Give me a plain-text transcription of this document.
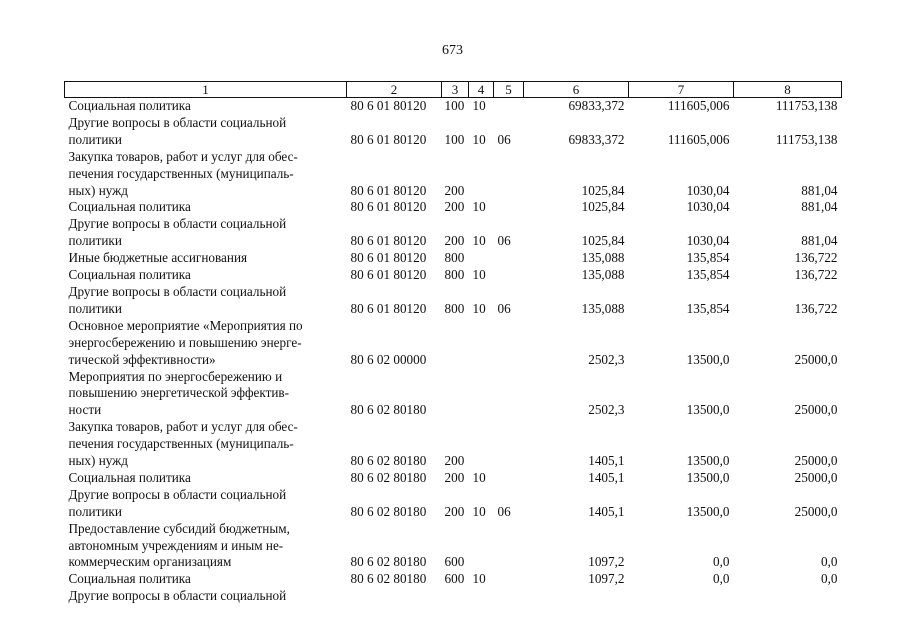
673
1	2	3	4	5	6	7	8

Социальная политика	80 6 01 80120	100	10		69833,372	111605,006	111753,138

Другие вопросы в области социальной
политики	80 6 01 80120	100	10	06	69833,372	111605,006	111753,138

Закупка товаров, работ и услуг для обес-
печения государственных (муниципаль-
ных) нужд	80 6 01 80120	200			1025,84	1030,04	881,04

Социальная политика	80 6 01 80120	200	10		1025,84	1030,04	881,04

Другие вопросы в области социальной
политики	80 6 01 80120	200	10	06	1025,84	1030,04	881,04

Иные бюджетные ассигнования	80 6 01 80120	800			135,088	135,854	136,722

Социальная политика	80 6 01 80120	800	10		135,088	135,854	136,722

Другие вопросы в области социальной
политики	80 6 01 80120	800	10	06	135,088	135,854	136,722

Основное мероприятие «Мероприятия по
энергосбережению и повышению энерге-
тической эффективности»	80 6 02 00000				2502,3	13500,0	25000,0

Мероприятия по энергосбережению и
повышению энергетической эффектив-
ности	80 6 02 80180				2502,3	13500,0	25000,0

Закупка товаров, работ и услуг для обес-
печения государственных (муниципаль-
ных) нужд	80 6 02 80180	200			1405,1	13500,0	25000,0

Социальная политика	80 6 02 80180	200	10		1405,1	13500,0	25000,0

Другие вопросы в области социальной
политики	80 6 02 80180	200	10	06	1405,1	13500,0	25000,0

Предоставление субсидий бюджетным,
автономным учреждениям и иным не-
коммерческим организациям	80 6 02 80180	600			1097,2	0,0	0,0

Социальная политика	80 6 02 80180	600	10		1097,2	0,0	0,0

Другие вопросы в области социальной							
